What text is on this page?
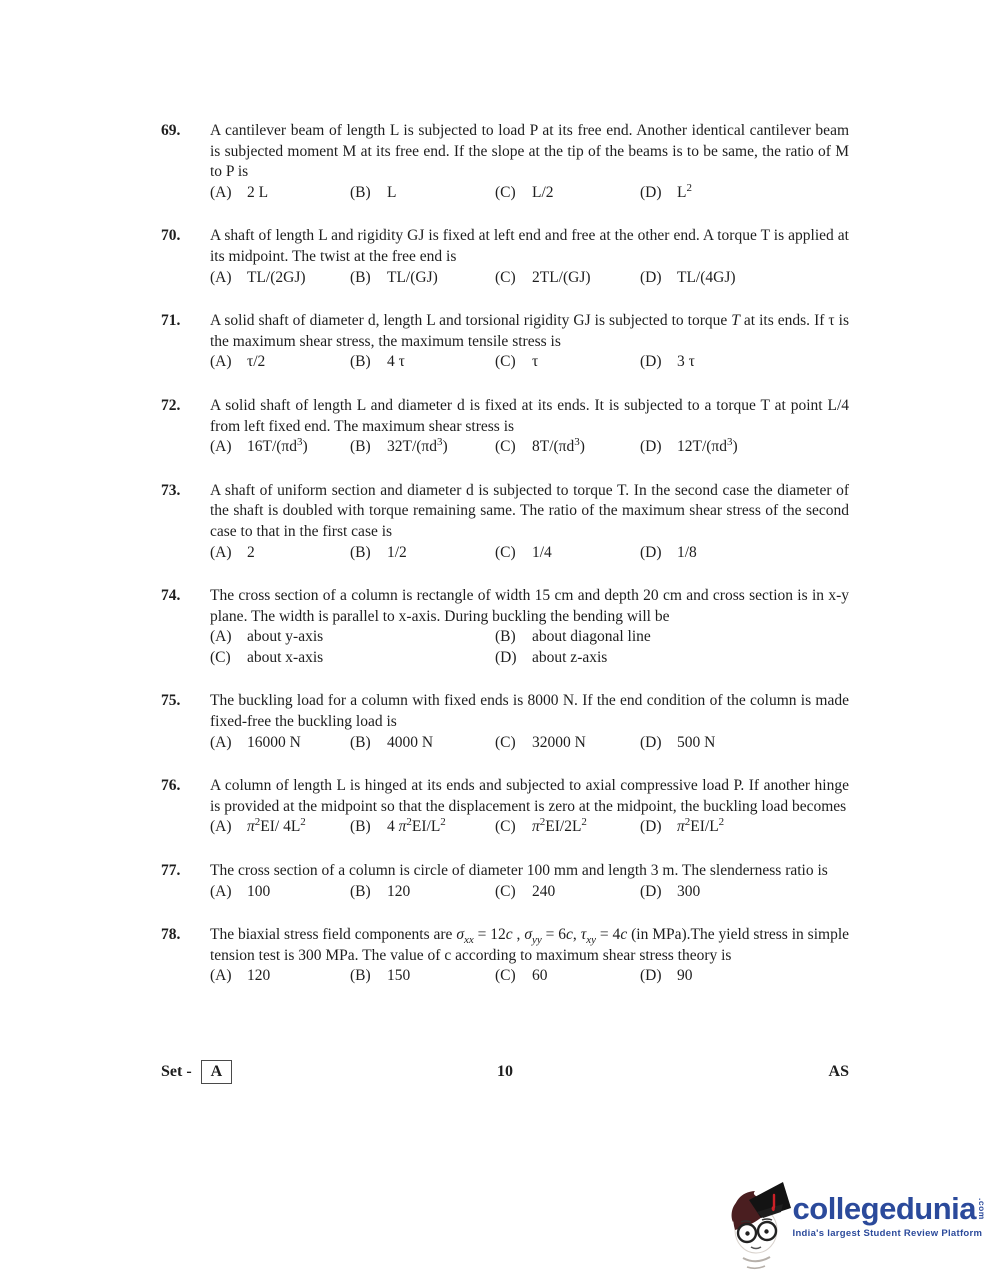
69.	A cantilever beam of length L is subjected to load P at its free end. Another identical cantilever beam is subjected moment M at its free end. If the slope at the tip of the beams is to be same, the ratio of M to P is
(A) 2 L	(B) L	(C) L/2	(D) $L^2$
70.	A shaft of length L and rigidity GJ is fixed at left end and free at the other end. A torque T is applied at its midpoint. The twist at the free end is
(A) TL/(2GJ)	(B) TL/(GJ)	(C) 2TL/(GJ)	(D) TL/(4GJ)
71.	A solid shaft of diameter d, length L and torsional rigidity GJ is subjected to torque T at its ends. If τ is the maximum shear stress, the maximum tensile stress is
(A) τ/2	(B) 4 τ	(C) τ	(D) 3 τ
72.	A solid shaft of length L and diameter d is fixed at its ends. It is subjected to a torque T at point L/4 from left fixed end. The maximum shear stress is
(A) $16T/(\pi d^3)$	(B) $32T/(\pi d^3)$	(C) $8T/(\pi d^3)$	(D) $12T/(\pi d^3)$
73.	A shaft of uniform section and diameter d is subjected to torque T. In the second case the diameter of the shaft is doubled with torque remaining same. The ratio of the maximum shear stress of the second case to that in the first case is
(A) 2	(B) 1/2	(C) 1/4	(D) 1/8
74.	The cross section of a column is rectangle of width 15 cm and depth 20 cm and cross section is in x-y plane. The width is parallel to x-axis. During buckling the bending will be
(A) about y-axis	(B) about diagonal line
(C) about x-axis	(D) about z-axis
75.	The buckling load for a column with fixed ends is 8000 N. If the end condition of the column is made fixed-free the buckling load is
(A) 16000 N	(B) 4000 N	(C) 32000 N	(D) 500 N
76.	A column of length L is hinged at its ends and subjected to axial compressive load P. If another hinge is provided at the midpoint so that the displacement is zero at the midpoint, the buckling load becomes
(A) $\pi^2EI/$ $4L^2$	(B) 4 $\pi^2EI/L^2$	(C) $\pi^2EI/2L^2$	(D) $\pi^2EI/L^2$
77.	The cross section of a column is circle of diameter 100 mm and length 3 m. The slenderness ratio is
(A) 100	(B) 120	(C) 240	(D) 300
78.	The biaxial stress field components are $\sigma_{xx} = 12c$ , $\sigma_{yy} = 6c$, $\tau_{xy} = 4c$ (in MPa).The yield stress in simple tension test is 300 MPa. The value of c according to maximum shear stress theory is
(A) 120	(B) 150	(C) 60	(D) 90
Set -	A	10	AS
collegedunia .com
India's largest Student Review Platform
